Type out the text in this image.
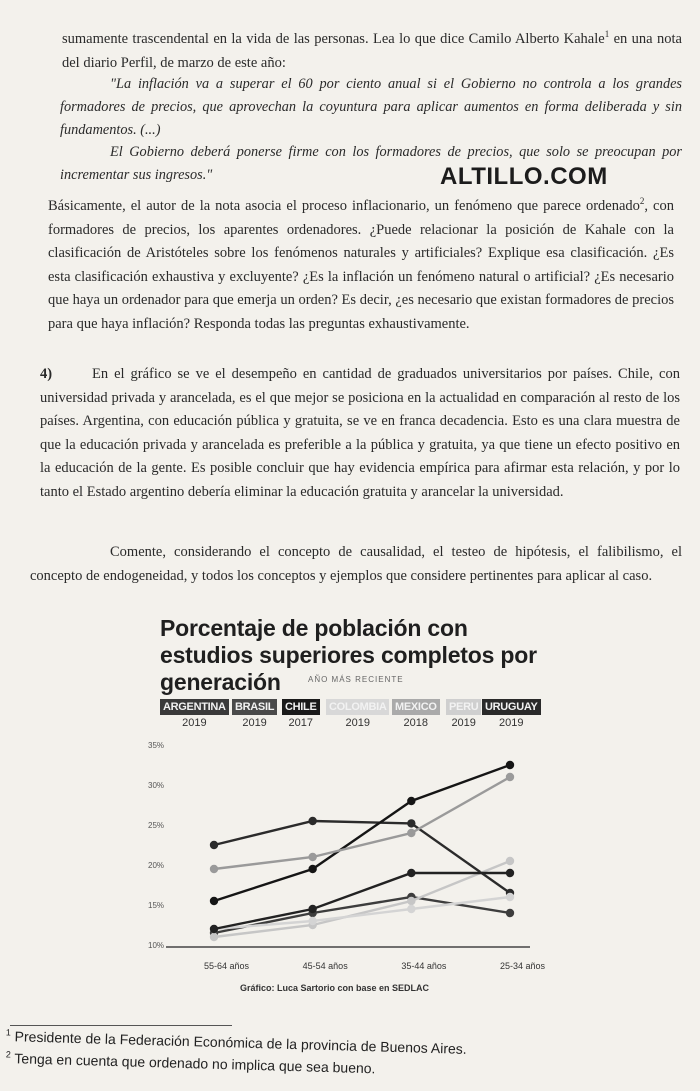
sumamente trascendental en la vida de las personas. Lea lo que dice Camilo Alberto Kahale$^1$ en una nota del diario Perfil, de marzo de este año:
"La inflación va a superar el 60 por ciento anual si el Gobierno no controla a los grandes formadores de precios, que aprovechan la coyuntura para aplicar aumentos en forma deliberada y sin fundamentos. (...)
El Gobierno deberá ponerse firme con los formadores de precios, que solo se preocupan por incrementar sus ingresos."	ALTILLO.COM
Básicamente, el autor de la nota asocia el proceso inflacionario, un fenómeno que parece ordenado$^2$, con formadores de precios, los aparentes ordenadores. ¿Puede relacionar la posición de Kahale con la clasificación de Aristóteles sobre los fenómenos naturales y artificiales? Explique esa clasificación. ¿Es esta clasificación exhaustiva y excluyente? ¿Es la inflación un fenómeno natural o artificial? ¿Es necesario que haya un ordenador para que emerja un orden? Es decir, ¿es necesario que existan formadores de precios para que haya inflación? Responda todas las preguntas exhaustivamente.
4)	En el gráfico se ve el desempeño en cantidad de graduados universitarios por países. Chile, con universidad privada y arancelada, es el que mejor se posiciona en la actualidad en comparación al resto de los países. Argentina, con educación pública y gratuita, se ve en franca decadencia. Esto es una clara muestra de que la educación privada y arancelada es preferible a la pública y gratuita, ya que tiene un efecto positivo en la educación de la gente. Es posible concluir que hay evidencia empírica para afirmar esta relación, y por lo tanto el Estado argentino debería eliminar la educación gratuita y arancelar la universidad.
Comente, considerando el concepto de causalidad, el testeo de hipótesis, el falibilismo, el concepto de endogeneidad, y todos los conceptos y ejemplos que considere pertinentes para aplicar al caso.
Porcentaje de población con estudios superiores completos por generación	AÑO MÁS RECIENTE
ARGENTINA
2019
BRASIL
2019
CHILE
2017
COLOMBIA
2019
MEXICO
2018
PERU
2019
URUGUAY
2019
35%
30%
25%
20%
15%
10%
55-64 años	45-54 años	35-44 años	25-34 años
Gráfico: Luca Sartorio con base en SEDLAC
$^1$ Presidente de la Federación Económica de la provincia de Buenos Aires.
$^2$ Tenga en cuenta que ordenado no implica que sea bueno.
